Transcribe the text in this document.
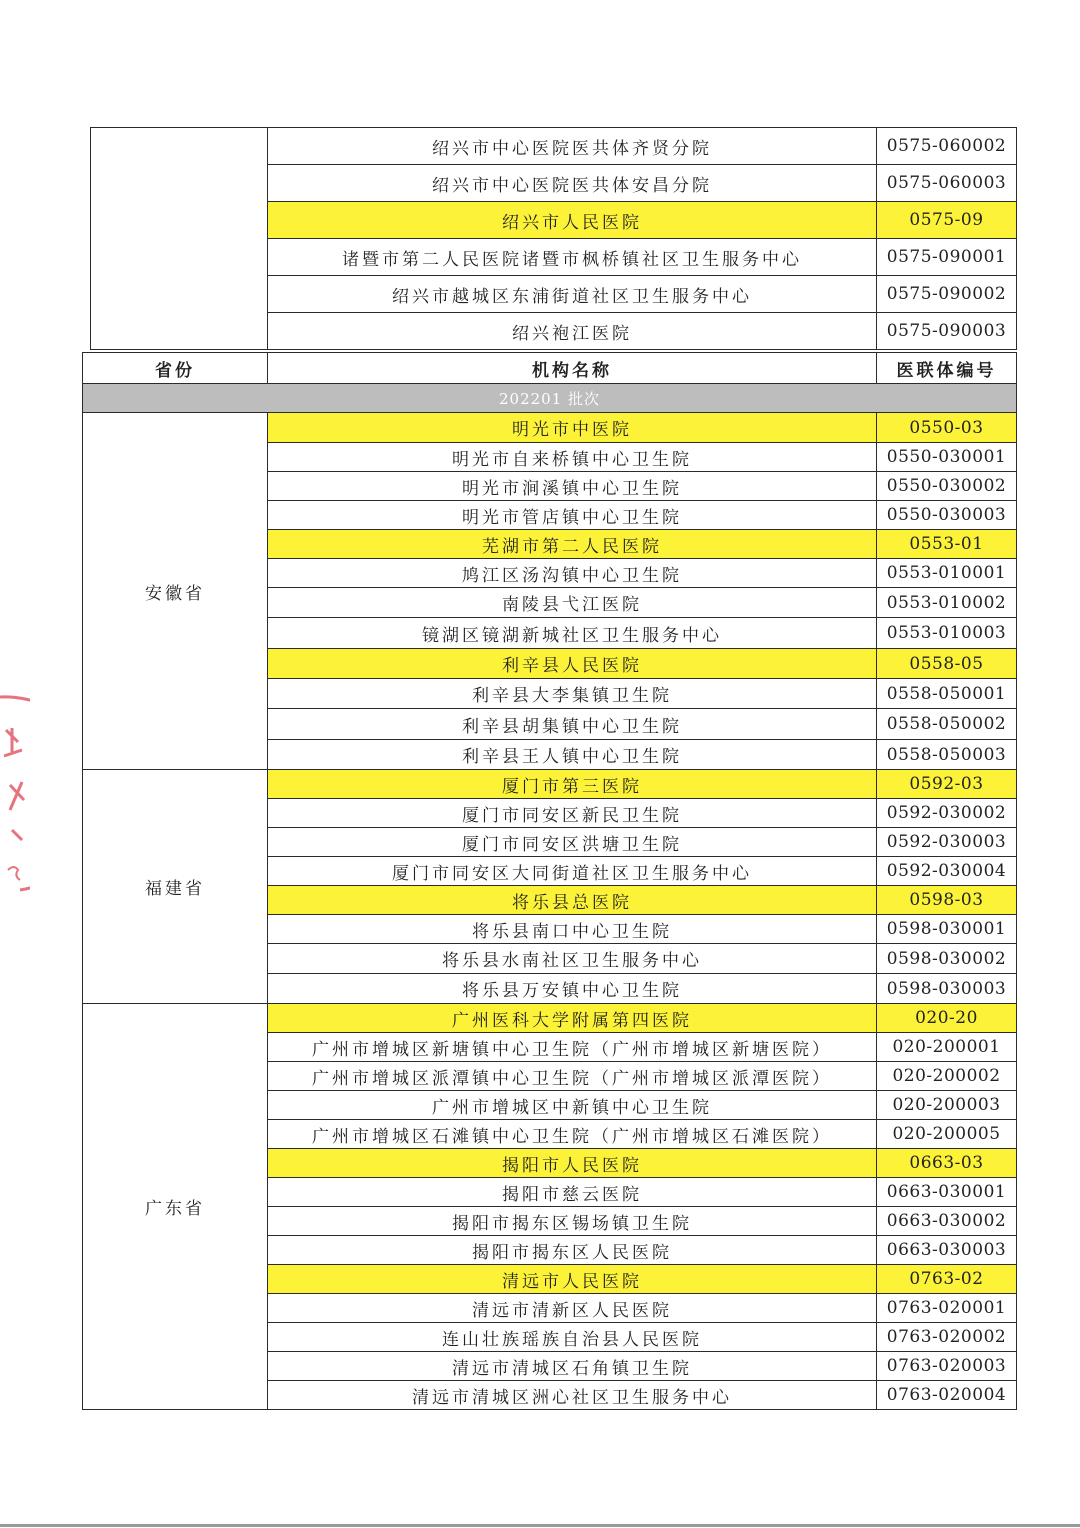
	绍兴市中心医院医共体齐贤分院	0575-060002
	绍兴市中心医院医共体安昌分院	0575-060003
	绍兴市人民医院	0575-09
	诸暨市第二人民医院诸暨市枫桥镇社区卫生服务中心	0575-090001
	绍兴市越城区东浦街道社区卫生服务中心	0575-090002
	绍兴袍江医院	0575-090003
省份	机构名称	医联体编号
202201 批次		
安徽省	明光市中医院	0550-03
	明光市自来桥镇中心卫生院	0550-030001
	明光市涧溪镇中心卫生院	0550-030002
	明光市管店镇中心卫生院	0550-030003
	芜湖市第二人民医院	0553-01
	鸠江区汤沟镇中心卫生院	0553-010001
	南陵县弋江医院	0553-010002
	镜湖区镜湖新城社区卫生服务中心	0553-010003
	利辛县人民医院	0558-05
	利辛县大李集镇卫生院	0558-050001
	利辛县胡集镇中心卫生院	0558-050002
	利辛县王人镇中心卫生院	0558-050003
福建省	厦门市第三医院	0592-03
	厦门市同安区新民卫生院	0592-030002
	厦门市同安区洪塘卫生院	0592-030003
	厦门市同安区大同街道社区卫生服务中心	0592-030004
	将乐县总医院	0598-03
	将乐县南口中心卫生院	0598-030001
	将乐县水南社区卫生服务中心	0598-030002
	将乐县万安镇中心卫生院	0598-030003
广东省	广州医科大学附属第四医院	020-20
	广州市增城区新塘镇中心卫生院（广州市增城区新塘医院）	020-200001
	广州市增城区派潭镇中心卫生院（广州市增城区派潭医院）	020-200002
	广州市增城区中新镇中心卫生院	020-200003
	广州市增城区石滩镇中心卫生院（广州市增城区石滩医院）	020-200005
	揭阳市人民医院	0663-03
	揭阳市慈云医院	0663-030001
	揭阳市揭东区锡场镇卫生院	0663-030002
	揭阳市揭东区人民医院	0663-030003
	清远市人民医院	0763-02
	清远市清新区人民医院	0763-020001
	连山壮族瑶族自治县人民医院	0763-020002
	清远市清城区石角镇卫生院	0763-020003
	清远市清城区洲心社区卫生服务中心	0763-020004
